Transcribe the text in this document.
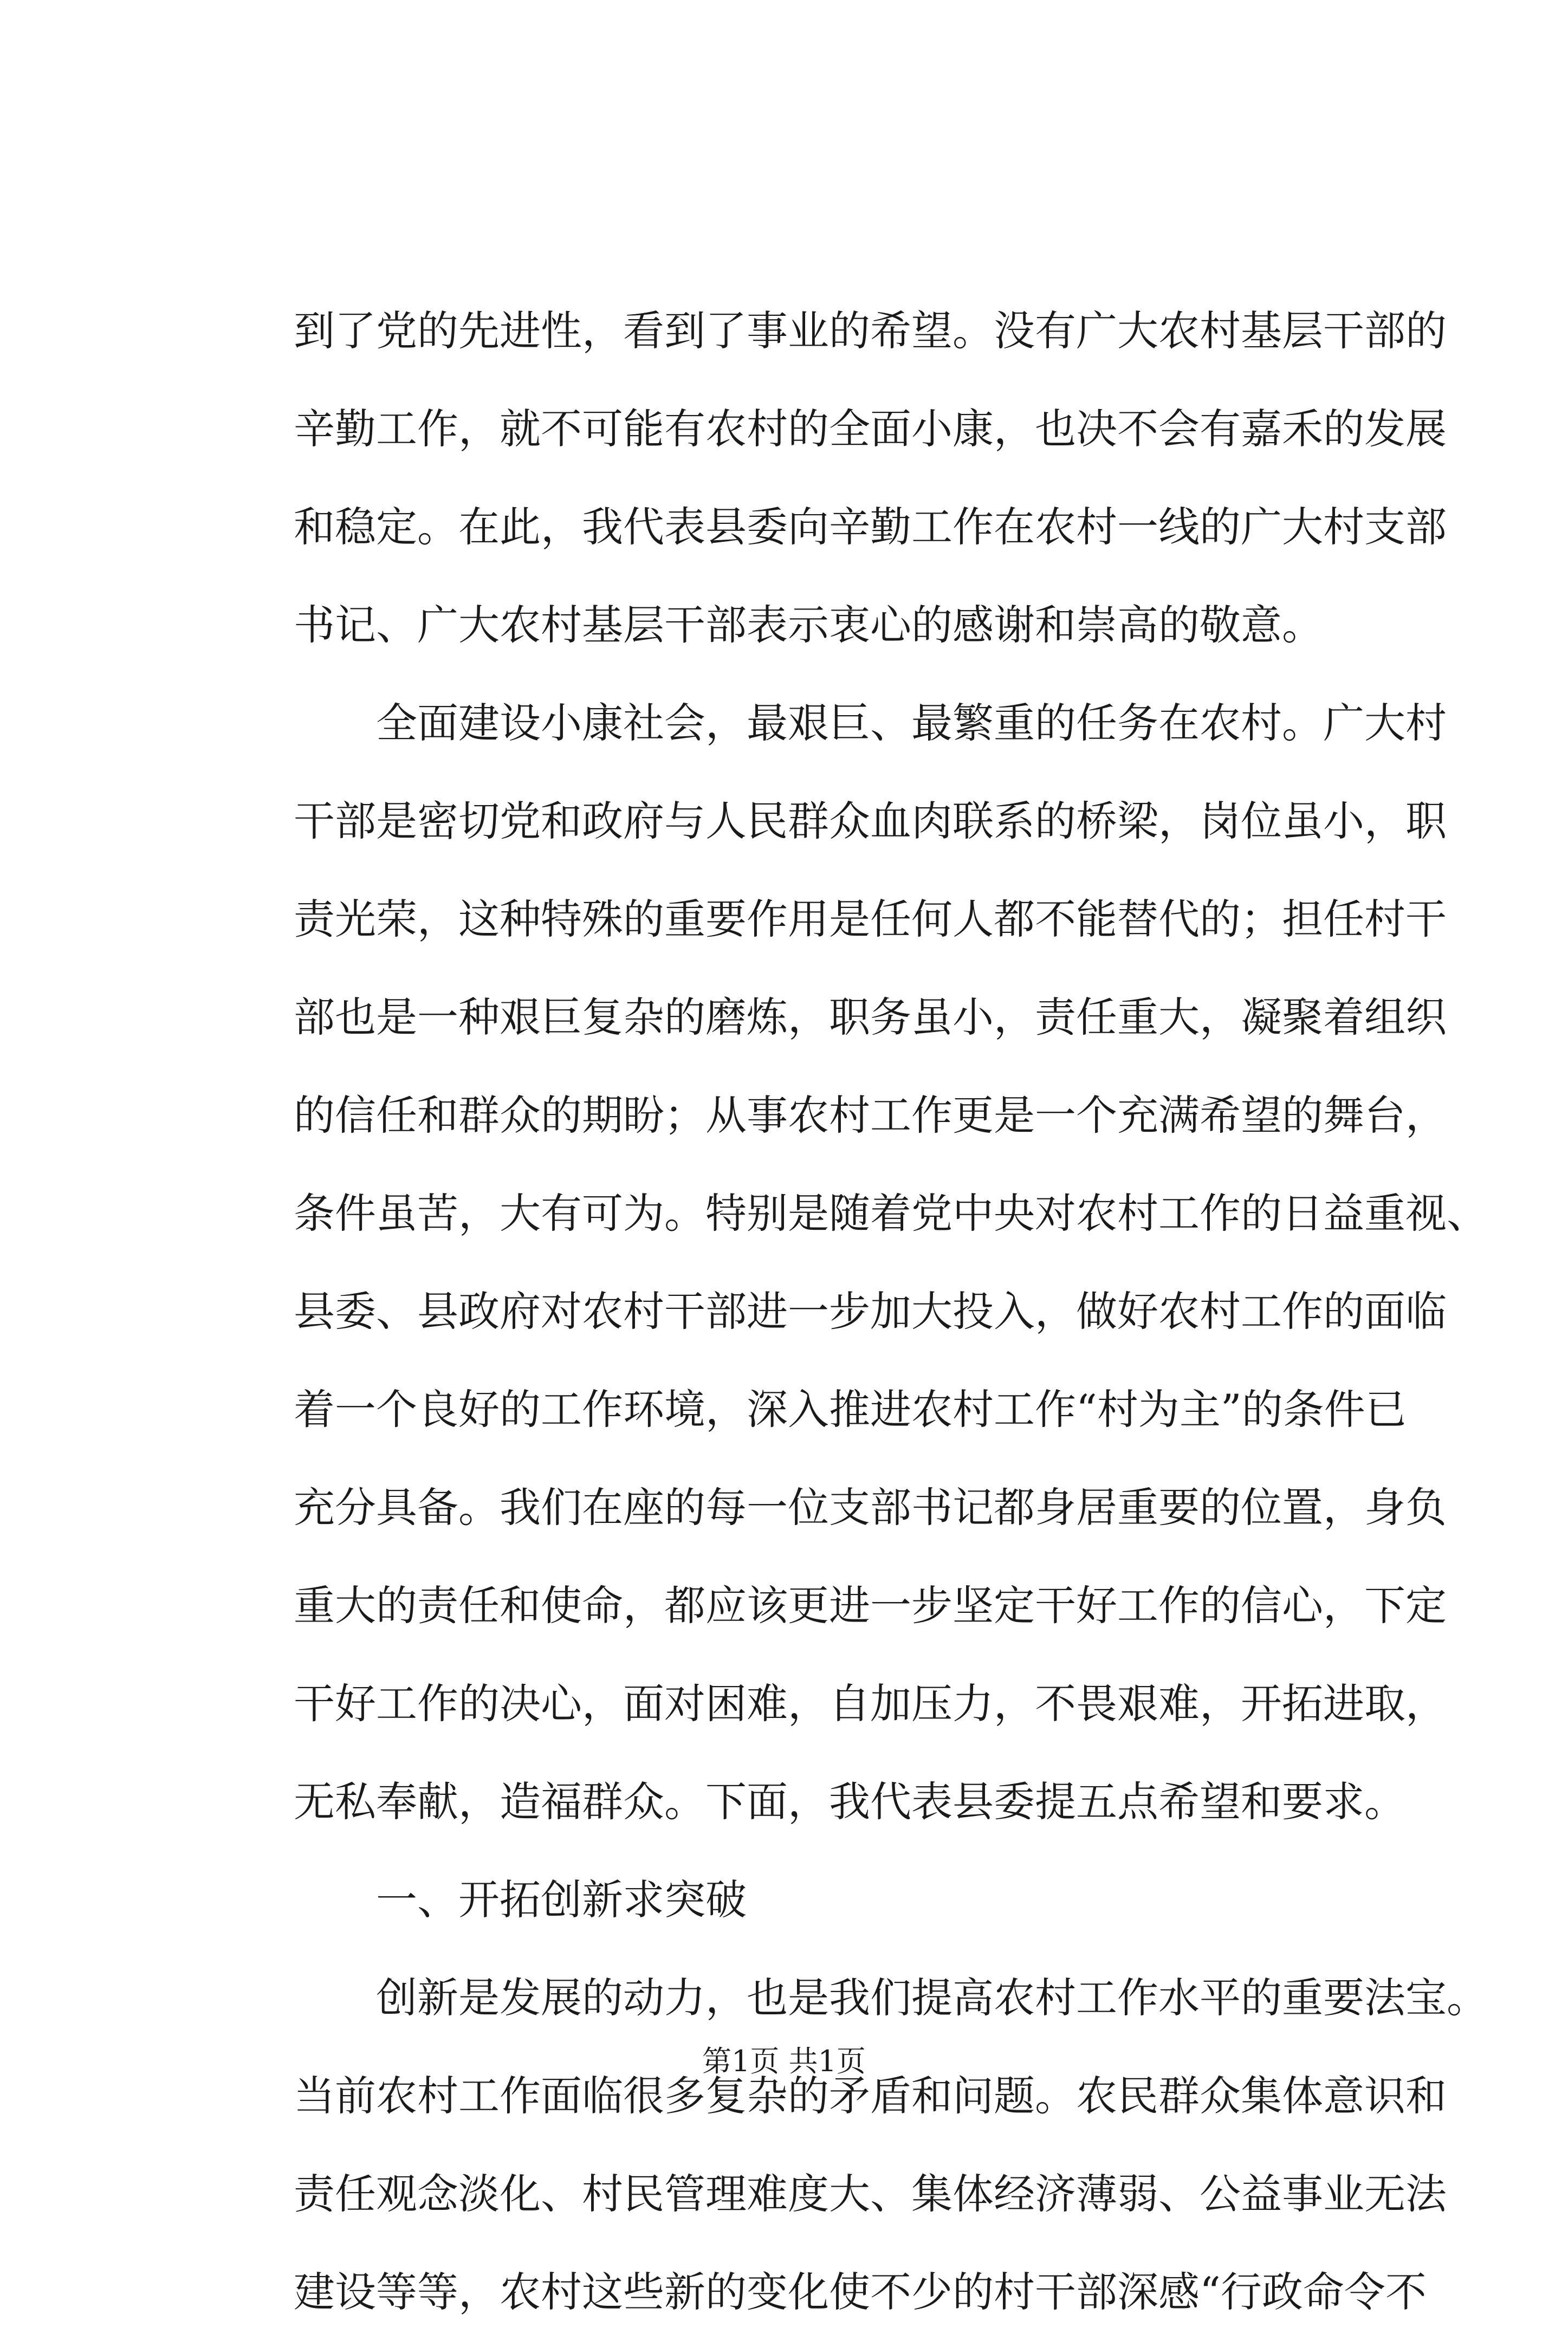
到了党的先进性，看到了事业的希望。没有广大农村基层干部的
辛勤工作，就不可能有农村的全面小康，也决不会有嘉禾的发展
和稳定。在此，我代表县委向辛勤工作在农村一线的广大村支部
书记、广大农村基层干部表示衷心的感谢和崇高的敬意。
全面建设小康社会，最艰巨、最繁重的任务在农村。广大村
干部是密切党和政府与人民群众血肉联系的桥梁，岗位虽小，职
责光荣，这种特殊的重要作用是任何人都不能替代的；担任村干
部也是一种艰巨复杂的磨炼，职务虽小，责任重大，凝聚着组织
的信任和群众的期盼；从事农村工作更是一个充满希望的舞台，
条件虽苦，大有可为。特别是随着党中央对农村工作的日益重视、
县委、县政府对农村干部进一步加大投入，做好农村工作的面临
着一个良好的工作环境，深入推进农村工作“村为主”的条件已
充分具备。我们在座的每一位支部书记都身居重要的位置，身负
重大的责任和使命，都应该更进一步坚定干好工作的信心，下定
干好工作的决心，面对困难，自加压力，不畏艰难，开拓进取，
无私奉献，造福群众。下面，我代表县委提五点希望和要求。
一、开拓创新求突破
创新是发展的动力，也是我们提高农村工作水平的重要法宝。
当前农村工作面临很多复杂的矛盾和问题。农民群众集体意识和
责任观念淡化、村民管理难度大、集体经济薄弱、公益事业无法
建设等等，农村这些新的变化使不少的村干部深感“行政命令不
第1页 共1页
